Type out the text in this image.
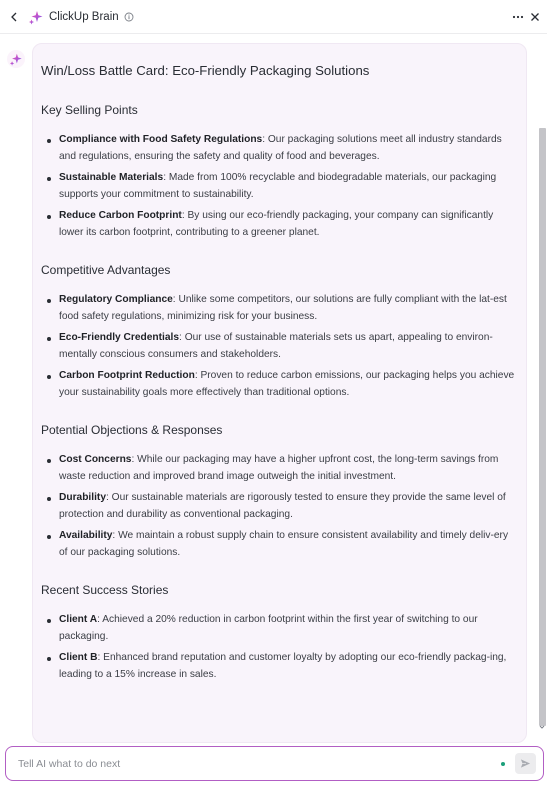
ClickUp Brain
Win/Loss Battle Card: Eco-Friendly Packaging Solutions
Key Selling Points
Compliance with Food Safety Regulations: Our packaging solutions meet all industry standards and regulations, ensuring the safety and quality of food and beverages.
Sustainable Materials: Made from 100% recyclable and biodegradable materials, our packaging supports your commitment to sustainability.
Reduce Carbon Footprint: By using our eco-friendly packaging, your company can significantly lower its carbon footprint, contributing to a greener planet.
Competitive Advantages
Regulatory Compliance: Unlike some competitors, our solutions are fully compliant with the lat-est food safety regulations, minimizing risk for your business.
Eco-Friendly Credentials: Our use of sustainable materials sets us apart, appealing to environ-mentally conscious consumers and stakeholders.
Carbon Footprint Reduction: Proven to reduce carbon emissions, our packaging helps you achieve your sustainability goals more effectively than traditional options.
Potential Objections & Responses
Cost Concerns: While our packaging may have a higher upfront cost, the long-term savings from waste reduction and improved brand image outweigh the initial investment.
Durability: Our sustainable materials are rigorously tested to ensure they provide the same level of protection and durability as conventional packaging.
Availability: We maintain a robust supply chain to ensure consistent availability and timely deliv-ery of our packaging solutions.
Recent Success Stories
Client A: Achieved a 20% reduction in carbon footprint within the first year of switching to our packaging.
Client B: Enhanced brand reputation and customer loyalty by adopting our eco-friendly packag-ing, leading to a 15% increase in sales.
Tell AI what to do next
